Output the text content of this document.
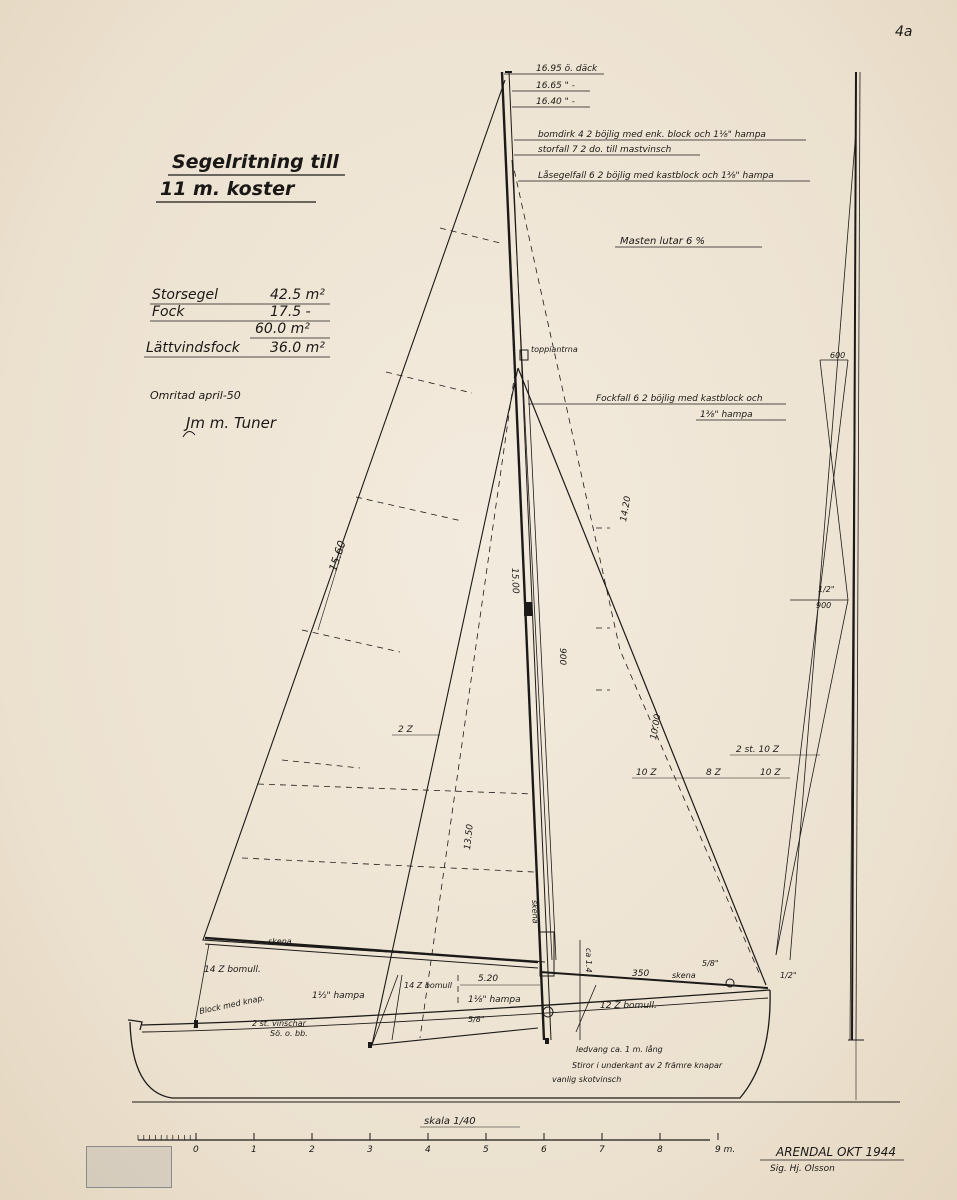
Segelritning till
11 m. koster
4a
Storsegel	42.5 m²
Fock	17.5 -
60.0 m²
Lättvindsfock 36.0 m²
Omritad april-50
Jm m. Tuner
16.95 ö. däck
16.65 " -
16.40 " -
bomdirk 4 2 böjlig med enk. block och 1⅛" hampa
storfall 7 2 do. till mastvinsch
Låsegelfall 6 2 böjlig med kastblock och 1⅜" hampa
Masten lutar 6 %
toppiantrna
Fockfall 6 2 böjlig med kastblock och
1⅜" hampa
15.60
15.00
14.20
10.00
13.50
900
5.20	350
2 Z
10 Z	8 Z	10 Z
2 st. 10 Z
skena
skena
skena
14 Z bomull.
Block med knap.
2 st. vinschar
Sö. o. bb.
1½" hampa
14 Z bomull
1⅛" hampa
5/8"
5/8"
1/2"
12 Z bomull.
ledvang ca. 1 m. lång
Stiror i underkant av 2 främre knapar
vanlig skotvinsch
600
900
1/2"
ca 1.4
skala 1/40
0	1	2	3	4	5	6	7	8	9 m.	ARENDAL OKT 1944
Sig. Hj. Olsson
